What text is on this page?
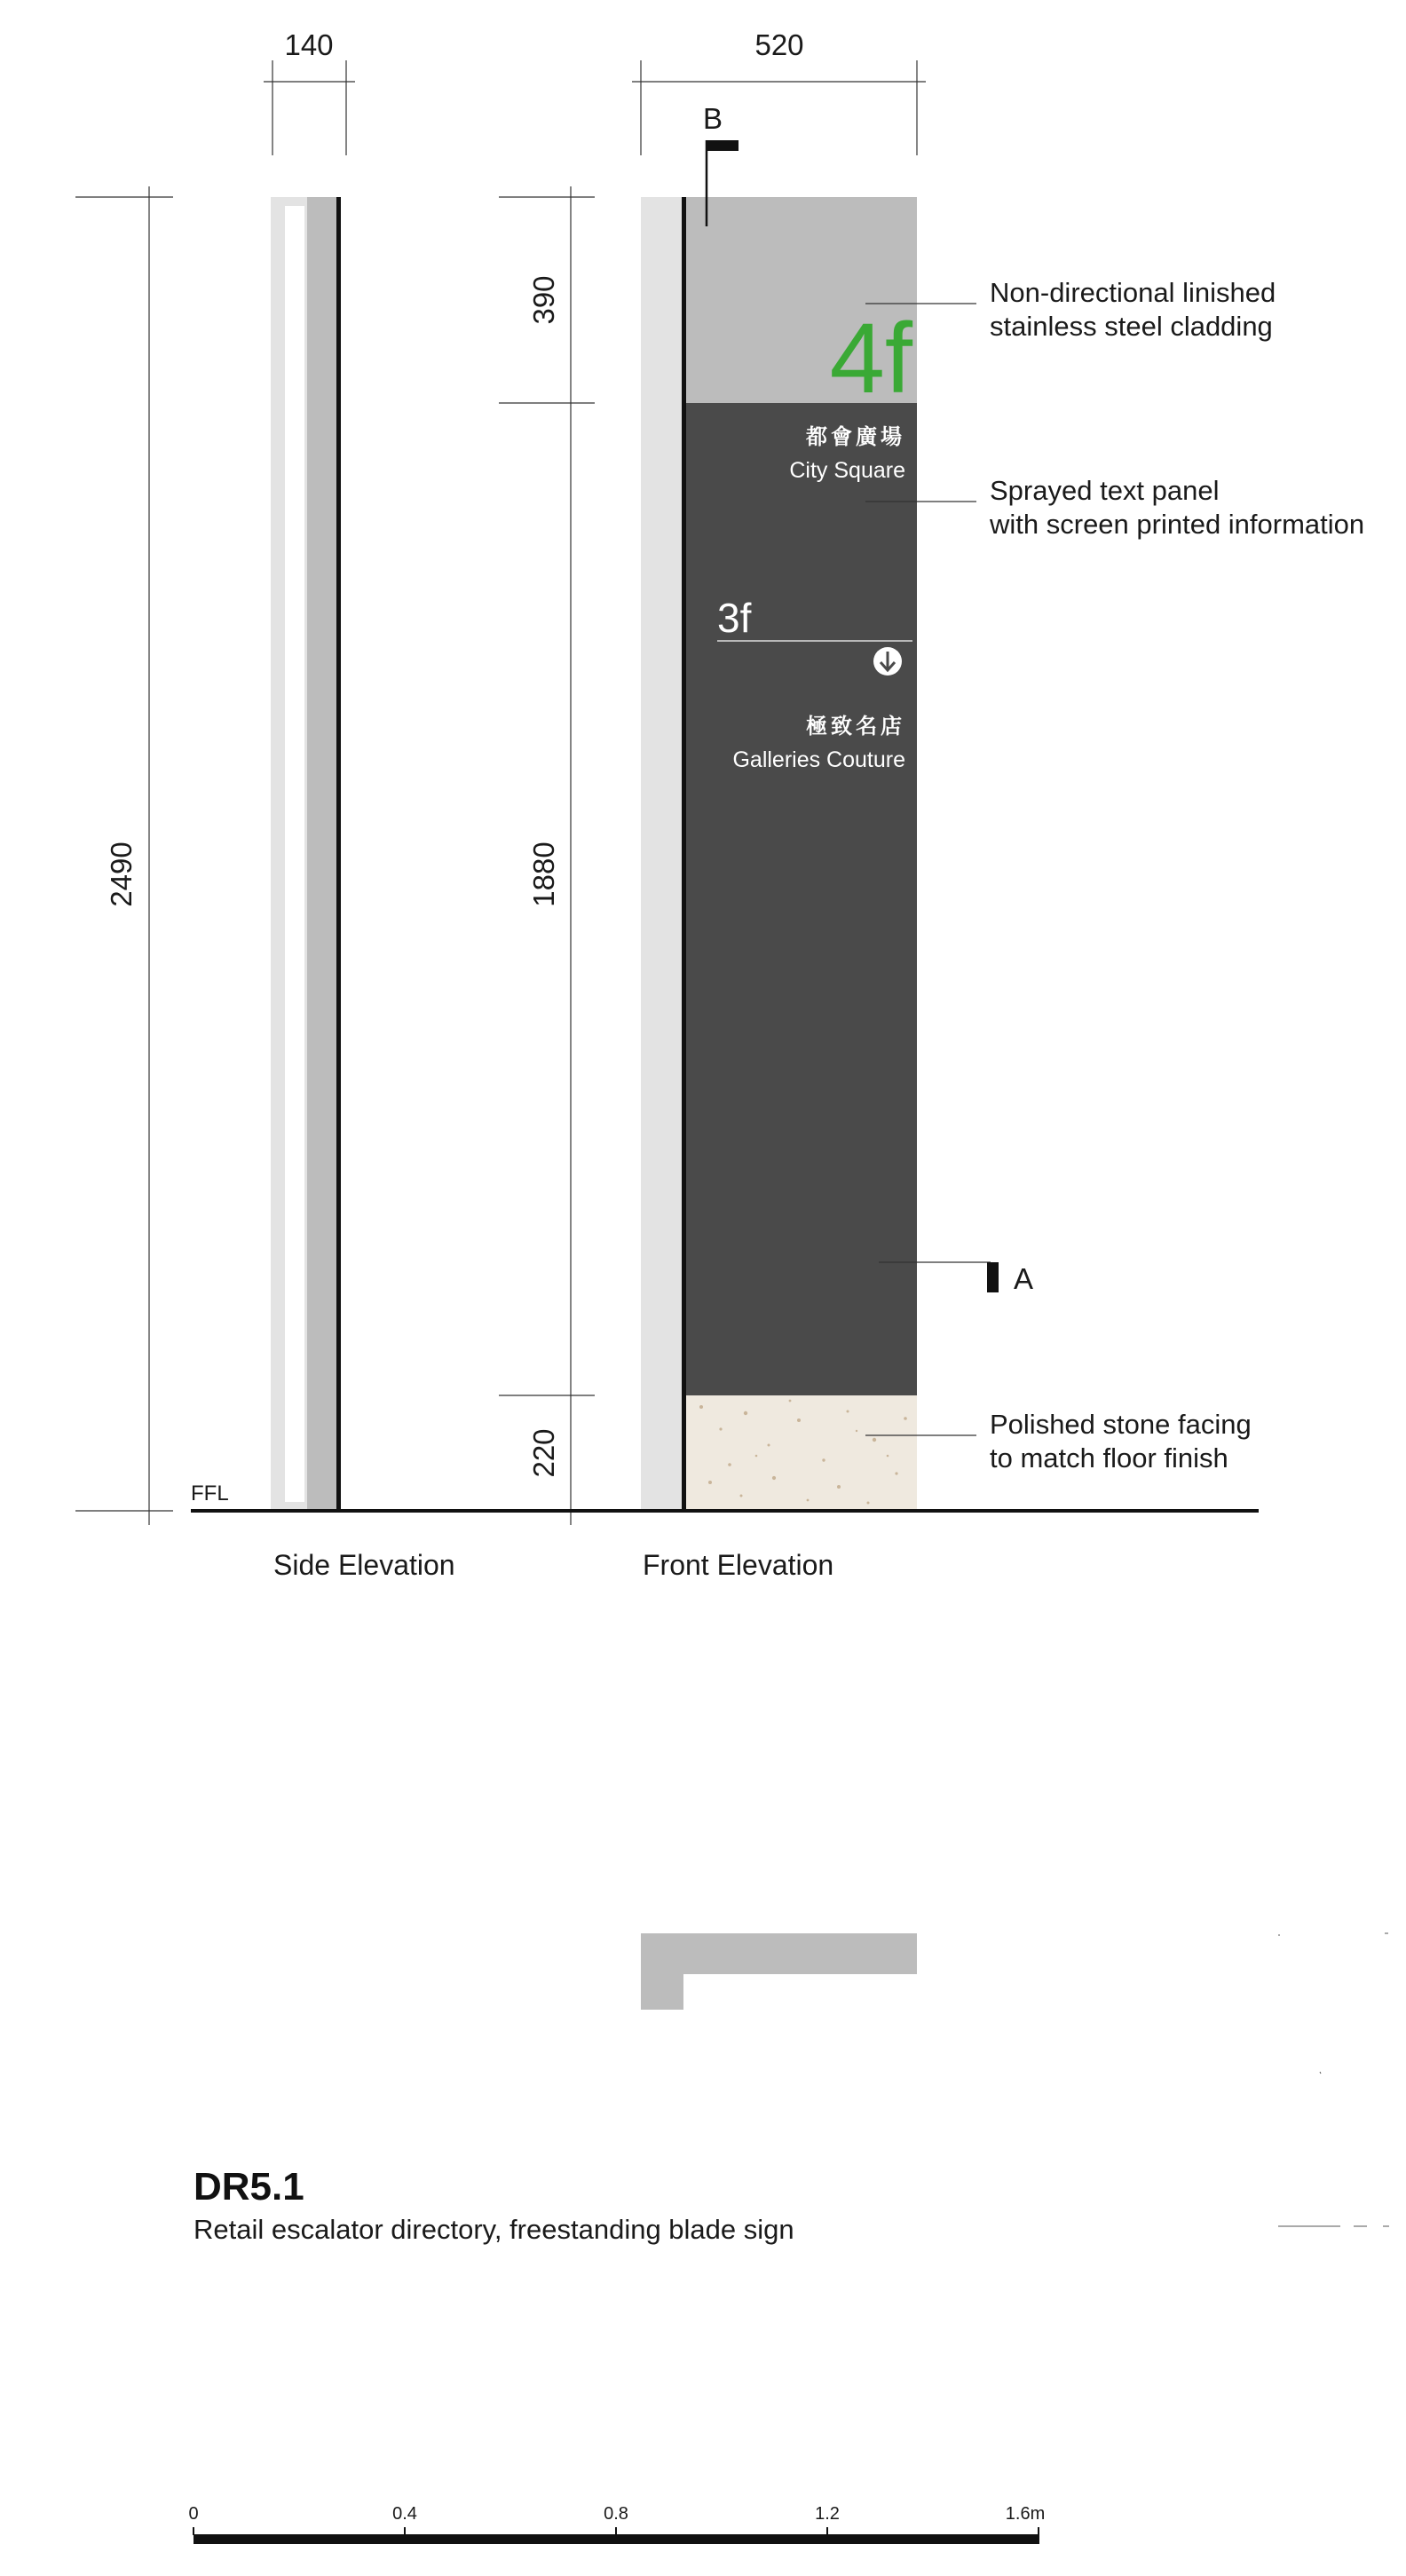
140
2490
4f
都會廣場
City Square
3f
極致名店
Galleries Couture
520
B
390
1880
220
A
FFL
Non-directional linished
stainless steel cladding
Sprayed text panel
with screen printed information
Polished stone facing
to match floor finish
Side Elevation	Front Elevation
DR5.1
Retail escalator directory, freestanding blade sign
0	0.4	0.8	1.2	1.6m
